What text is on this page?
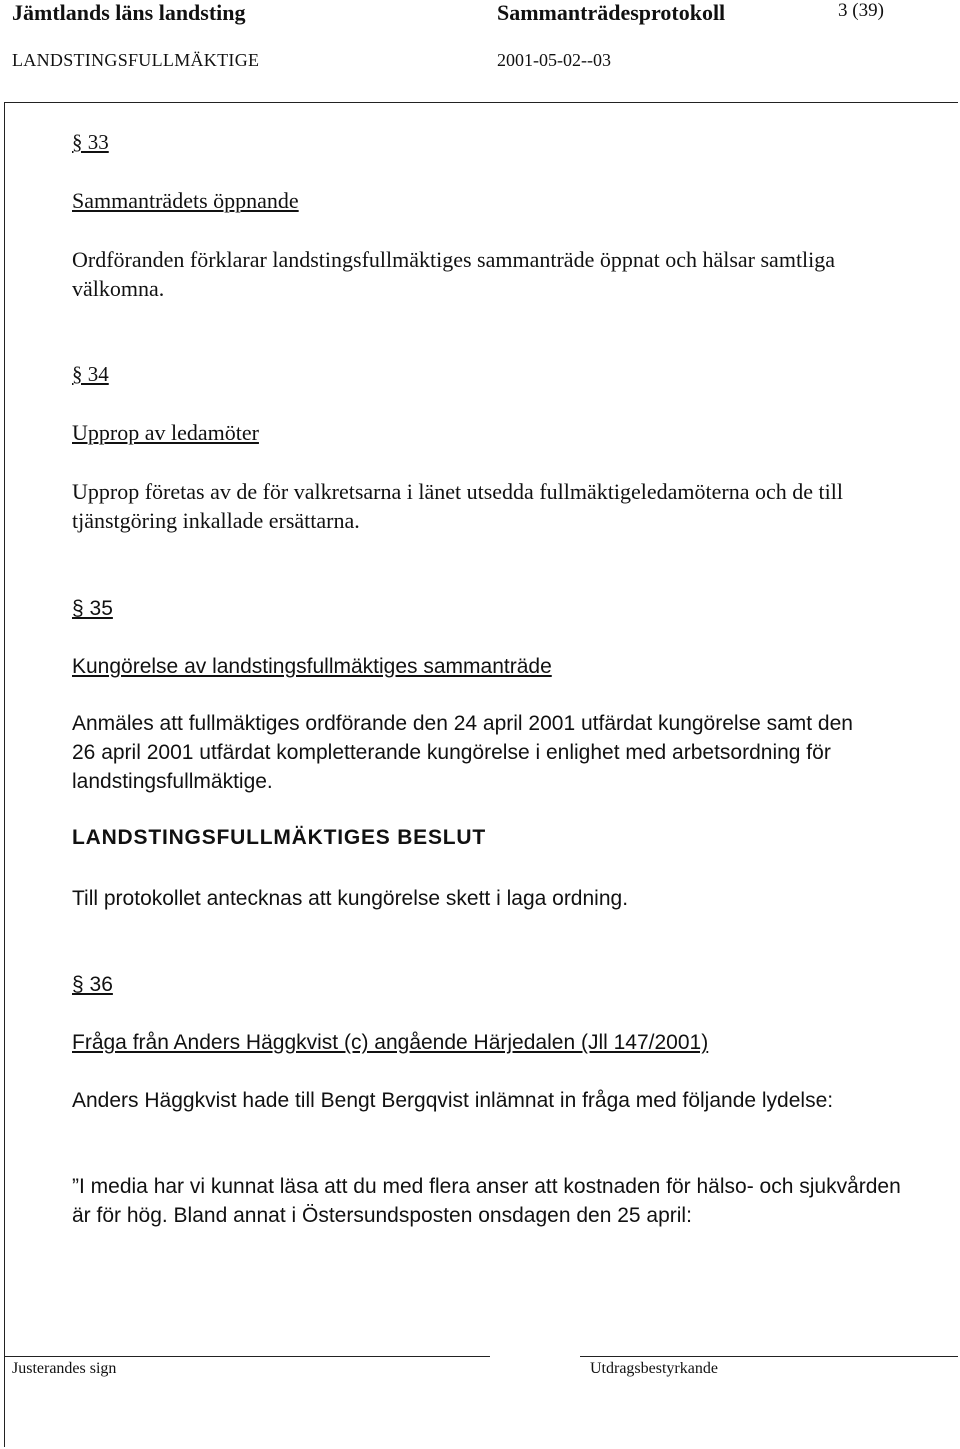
Jämtlands läns landsting	Sammanträdesprotokoll	3 (39)
LANDSTINGSFULLMÄKTIGE	2001-05-02--03
§ 33
Sammanträdets öppnande
Ordföranden förklarar landstingsfullmäktiges sammanträde öppnat och hälsar samtliga välkomna.
§ 34
Upprop av ledamöter
Upprop företas av de för valkretsarna i länet utsedda fullmäktigeledamöterna och de till tjänstgöring inkallade ersättarna.
§ 35
Kungörelse av landstingsfullmäktiges sammanträde
Anmäles att fullmäktiges ordförande den 24 april 2001 utfärdat kungörelse samt den 26 april 2001 utfärdat kompletterande kungörelse i enlighet med arbetsordning för landstingsfullmäktige.
LANDSTINGSFULLMÄKTIGES BESLUT
Till protokollet antecknas att kungörelse skett i laga ordning.
§ 36
Fråga från Anders Häggkvist (c) angående Härjedalen (Jll 147/2001)
Anders Häggkvist hade till Bengt Bergqvist inlämnat in fråga med följande lydelse:
”I media har vi kunnat läsa att du med flera anser att kostnaden för hälso- och sjukvården är för hög. Bland annat i Östersundsposten onsdagen den 25 april:
Justerandes sign	Utdragsbestyrkande
